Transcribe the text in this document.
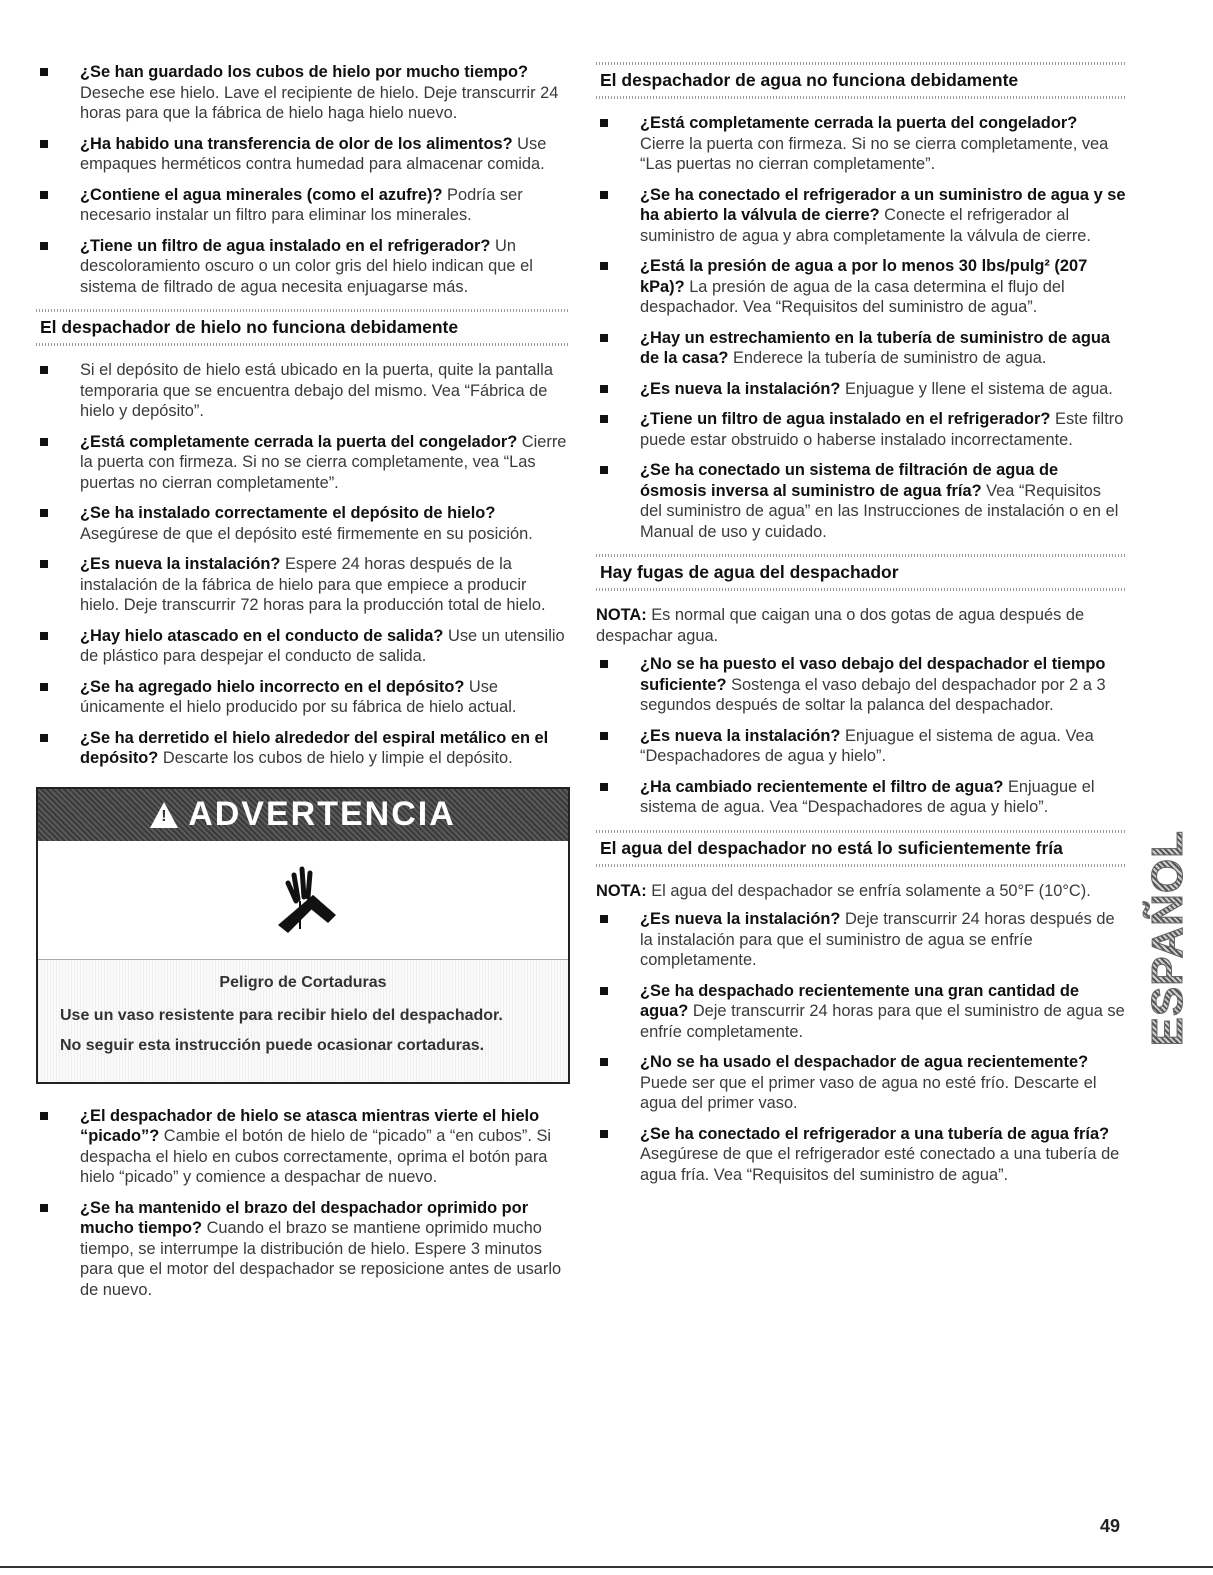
¿Se han guardado los cubos de hielo por mucho tiempo? Deseche ese hielo. Lave el recipiente de hielo. Deje transcurrir 24 horas para que la fábrica de hielo haga hielo nuevo.
¿Ha habido una transferencia de olor de los alimentos? Use empaques herméticos contra humedad para almacenar comida.
¿Contiene el agua minerales (como el azufre)? Podría ser necesario instalar un filtro para eliminar los minerales.
¿Tiene un filtro de agua instalado en el refrigerador? Un descoloramiento oscuro o un color gris del hielo indican que el sistema de filtrado de agua necesita enjuagarse más.
El despachador de hielo no funciona debidamente
Si el depósito de hielo está ubicado en la puerta, quite la pantalla temporaria que se encuentra debajo del mismo. Vea “Fábrica de hielo y depósito”.
¿Está completamente cerrada la puerta del congelador? Cierre la puerta con firmeza. Si no se cierra completamente, vea “Las puertas no cierran completamente”.
¿Se ha instalado correctamente el depósito de hielo? Asegúrese de que el depósito esté firmemente en su posición.
¿Es nueva la instalación? Espere 24 horas después de la instalación de la fábrica de hielo para que empiece a producir hielo. Deje transcurrir 72 horas para la producción total de hielo.
¿Hay hielo atascado en el conducto de salida? Use un utensilio de plástico para despejar el conducto de salida.
¿Se ha agregado hielo incorrecto en el depósito? Use únicamente el hielo producido por su fábrica de hielo actual.
¿Se ha derretido el hielo alrededor del espiral metálico en el depósito? Descarte los cubos de hielo y limpie el depósito.
!
ADVERTENCIA
Peligro de Cortaduras
Use un vaso resistente para recibir hielo del despachador.
No seguir esta instrucción puede ocasionar cortaduras.
¿El despachador de hielo se atasca mientras vierte el hielo “picado”? Cambie el botón de hielo de “picado” a “en cubos”. Si despacha el hielo en cubos correctamente, oprima el botón para hielo “picado” y comience a despachar de nuevo.
¿Se ha mantenido el brazo del despachador oprimido por mucho tiempo? Cuando el brazo se mantiene oprimido mucho tiempo, se interrumpe la distribución de hielo. Espere 3 minutos para que el motor del despachador se reposicione antes de usarlo de nuevo.
El despachador de agua no funciona debidamente
¿Está completamente cerrada la puerta del congelador? Cierre la puerta con firmeza. Si no se cierra completamente, vea “Las puertas no cierran completamente”.
¿Se ha conectado el refrigerador a un suministro de agua y se ha abierto la válvula de cierre? Conecte el refrigerador al suministro de agua y abra completamente la válvula de cierre.
¿Está la presión de agua a por lo menos 30 lbs/pulg² (207 kPa)? La presión de agua de la casa determina el flujo del despachador. Vea “Requisitos del suministro de agua”.
¿Hay un estrechamiento en la tubería de suministro de agua de la casa? Enderece la tubería de suministro de agua.
¿Es nueva la instalación? Enjuague y llene el sistema de agua.
¿Tiene un filtro de agua instalado en el refrigerador? Este filtro puede estar obstruido o haberse instalado incorrectamente.
¿Se ha conectado un sistema de filtración de agua de ósmosis inversa al suministro de agua fría? Vea “Requisitos del suministro de agua” en las Instrucciones de instalación o en el Manual de uso y cuidado.
Hay fugas de agua del despachador
NOTA: Es normal que caigan una o dos gotas de agua después de despachar agua.
¿No se ha puesto el vaso debajo del despachador el tiempo suficiente? Sostenga el vaso debajo del despachador por 2 a 3 segundos después de soltar la palanca del despachador.
¿Es nueva la instalación? Enjuague el sistema de agua. Vea “Despachadores de agua y hielo”.
¿Ha cambiado recientemente el filtro de agua? Enjuague el sistema de agua. Vea “Despachadores de agua y hielo”.
El agua del despachador no está lo suficientemente fría
NOTA: El agua del despachador se enfría solamente a 50°F (10°C).
¿Es nueva la instalación? Deje transcurrir 24 horas después de la instalación para que el suministro de agua se enfríe completamente.
¿Se ha despachado recientemente una gran cantidad de agua? Deje transcurrir 24 horas para que el suministro de agua se enfríe completamente.
¿No se ha usado el despachador de agua recientemente? Puede ser que el primer vaso de agua no esté frío. Descarte el agua del primer vaso.
¿Se ha conectado el refrigerador a una tubería de agua fría? Asegúrese de que el refrigerador esté conectado a una tubería de agua fría. Vea “Requisitos del suministro de agua”.
ESPAÑOL
49
